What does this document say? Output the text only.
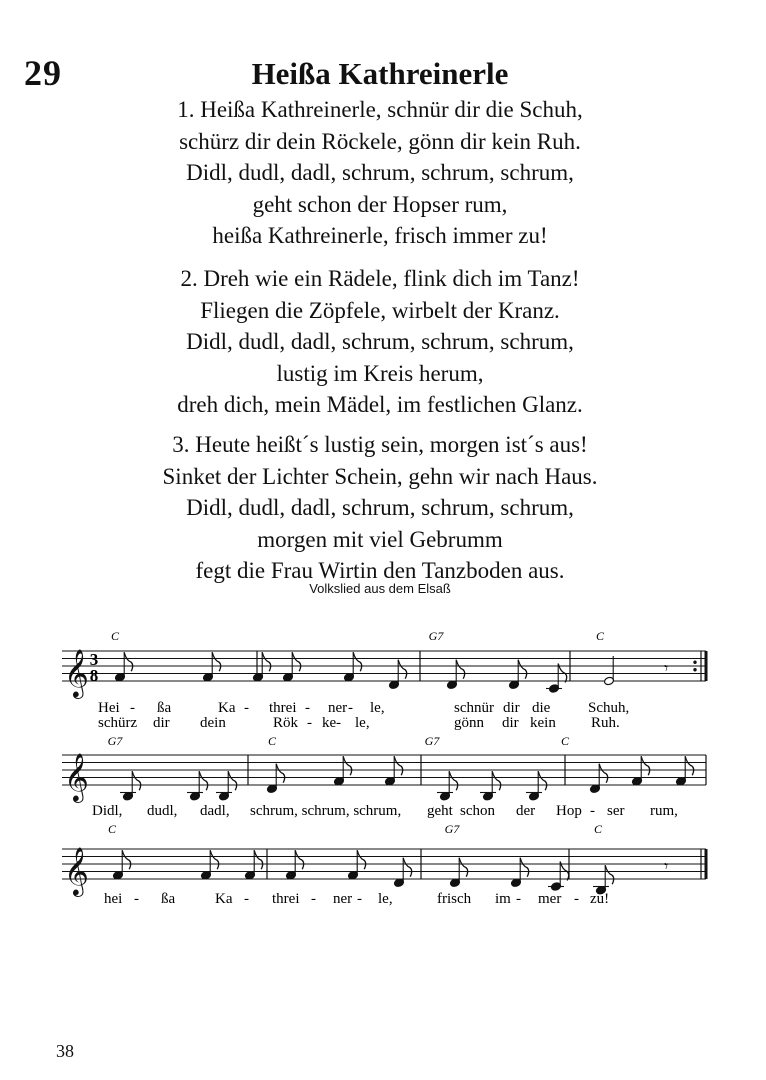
29	Heißa Kathreinerle
1. Heißa Kathreinerle, schnür dir die Schuh,
schürz dir dein Röckele, gönn dir kein Ruh.
Didl, dudl, dadl, schrum, schrum, schrum,
geht schon der Hopser rum,
heißa Kathreinerle, frisch immer zu!
2. Dreh wie ein Rädele, flink dich im Tanz!
Fliegen die Zöpfele, wirbelt der Kranz.
Didl, dudl, dadl, schrum, schrum, schrum,
lustig im Kreis herum,
dreh dich, mein Mädel, im festlichen Glanz.
3. Heute heißt´s lustig sein, morgen ist´s aus!
Sinket der Lichter Schein, gehn wir nach Haus.
Didl, dudl, dadl, schrum, schrum, schrum,
morgen mit viel Gebrumm
fegt die Frau Wirtin den Tanzboden aus.
Volkslied aus dem Elsaß
𝄞 3
8	𝄾
C	G7	C
Hei - ßa	Ka - threi - ner - le,	schnür dir die	Schuh,
schürz dir dein	Rök - ke - le,	gönn dir kein Ruh.
𝄞
G7	C	G7	C
Didl, dudl, dadl, schrum, schrum, schrum, geht schon der Hop - ser rum,
𝄞	𝄾
C	G7	C
hei - ßa	Ka - threi - ner - le,	frisch im - mer - zu!
38
